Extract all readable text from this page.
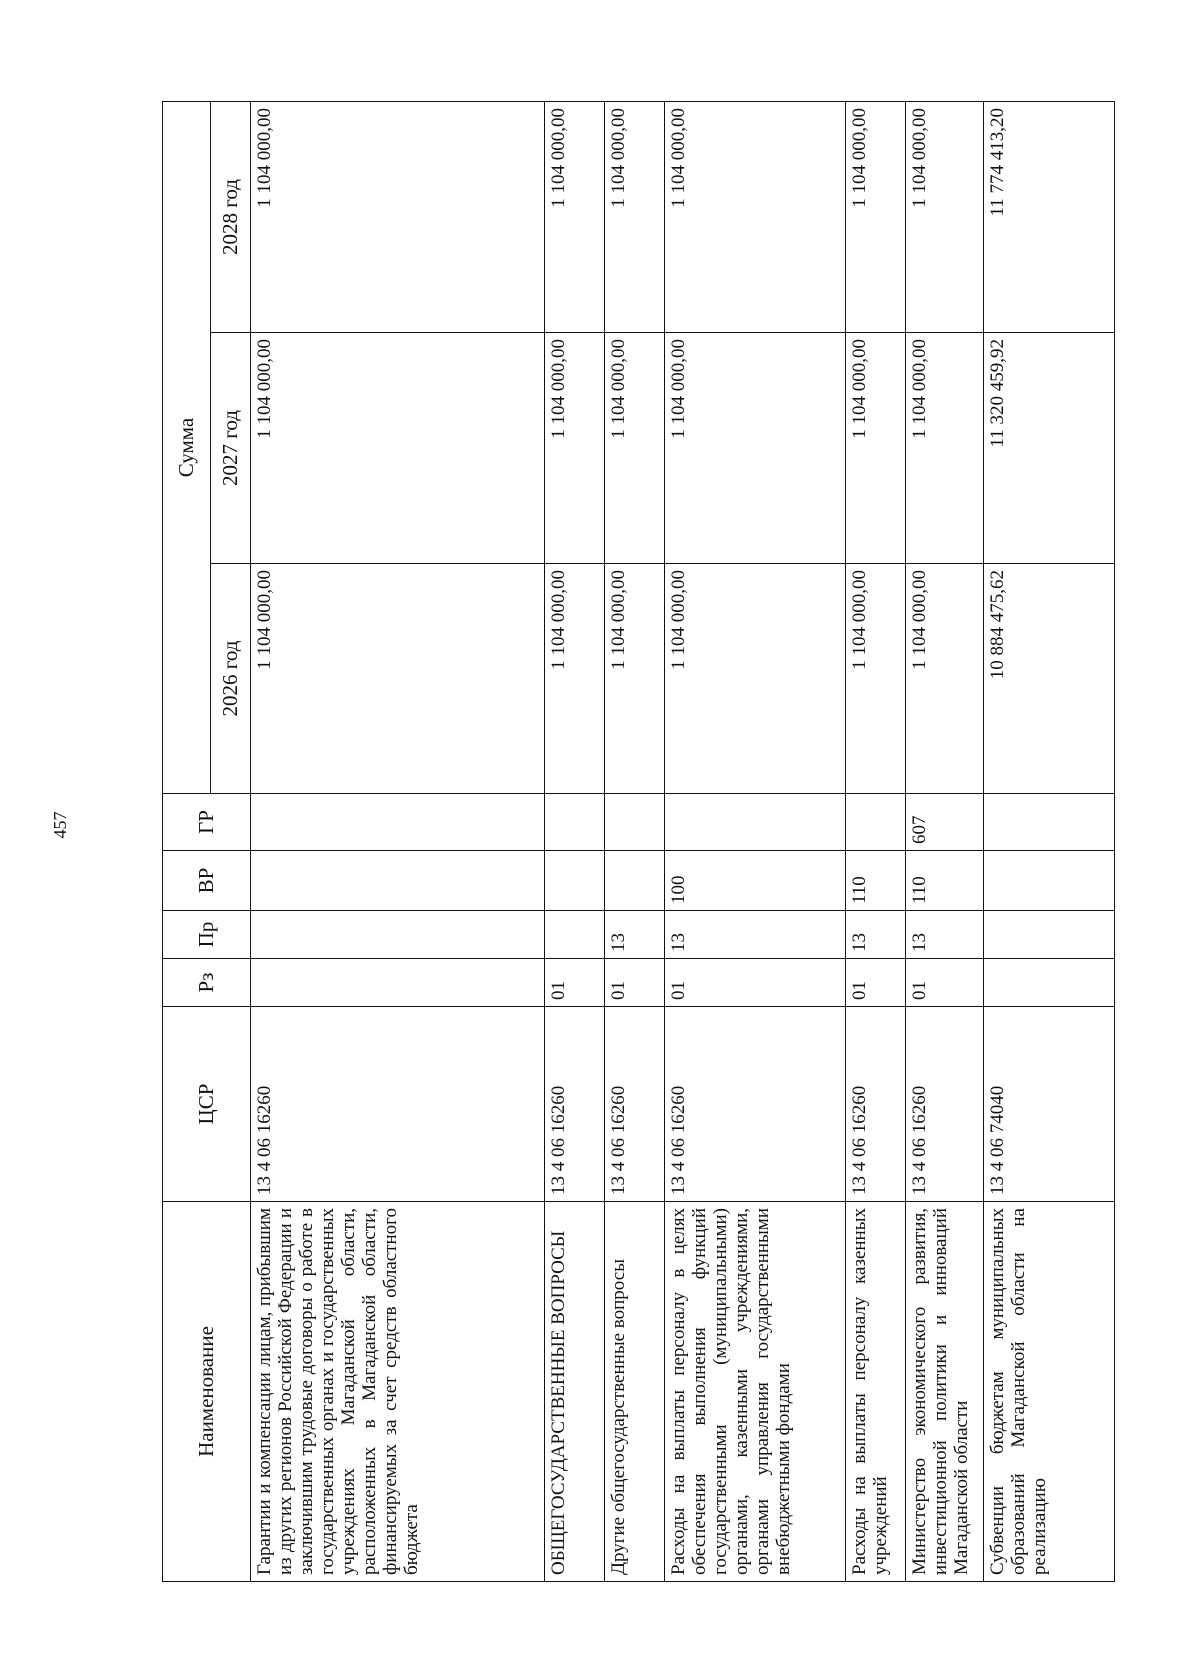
457
Наименование	ЦСР	Рз	Пр	ВР	ГР	Сумма		
						2026 год	2027 год	2028 год
Гарантии и компенсации лицам, прибывшим из других регионов Российской Федерации и заключившим трудовые договоры о работе в государственных органах и государственных учреждениях Магаданской области, расположенных в Магаданской области, финансируемых за счет средств областного бюджета	13 4 06 16260					1 104 000,00	1 104 000,00	1 104 000,00
ОБЩЕГОСУДАРСТВЕННЫЕ ВОПРОСЫ	13 4 06 16260	01				1 104 000,00	1 104 000,00	1 104 000,00
Другие общегосударственные вопросы	13 4 06 16260	01	13			1 104 000,00	1 104 000,00	1 104 000,00
Расходы на выплаты персоналу в целях обеспечения выполнения функций государственными (муниципальными) органами, казенными учреждениями, органами управления государственными внебюджетными фондами	13 4 06 16260	01	13	100		1 104 000,00	1 104 000,00	1 104 000,00
Расходы на выплаты персоналу казенных учреждений	13 4 06 16260	01	13	110		1 104 000,00	1 104 000,00	1 104 000,00
Министерство экономического развития, инвестиционной политики и инноваций Магаданской области	13 4 06 16260	01	13	110	607	1 104 000,00	1 104 000,00	1 104 000,00
Субвенции бюджетам муниципальных образований Магаданской области на реализацию	13 4 06 74040					10 884 475,62	11 320 459,92	11 774 413,20
